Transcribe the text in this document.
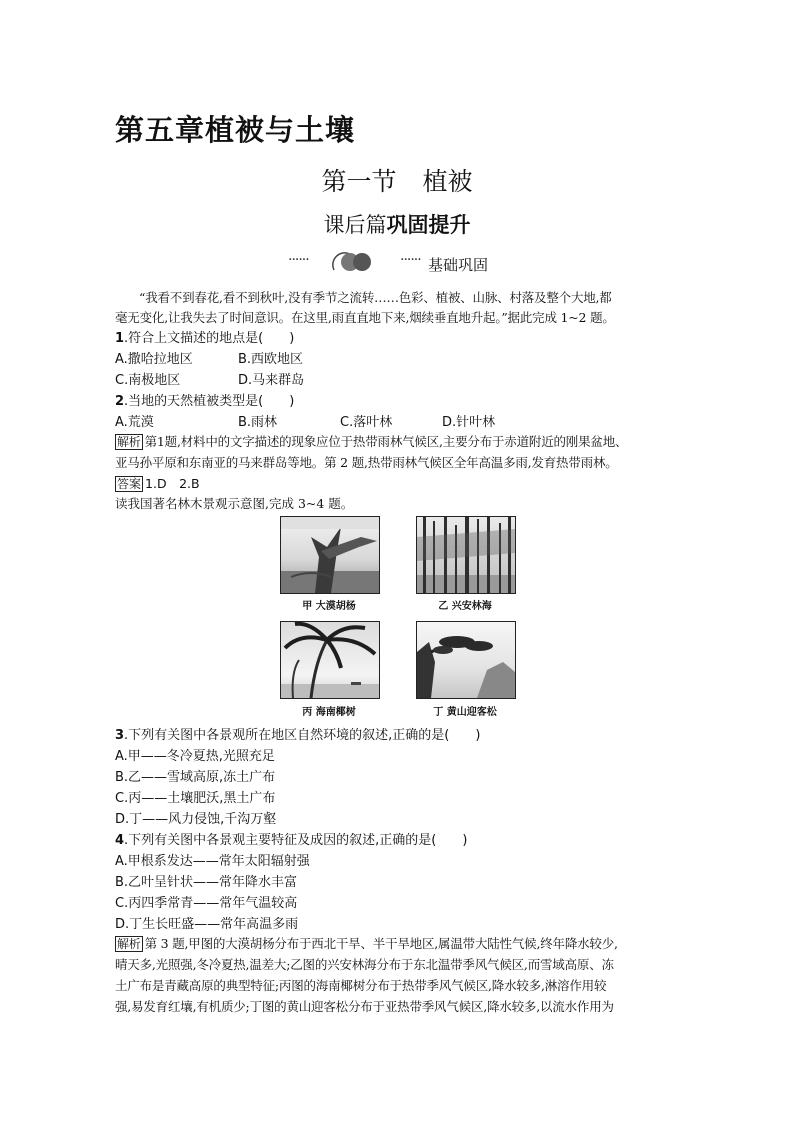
第五章植被与土壤
第一节 植被
课后篇巩固提升
······	······ 基础巩固
“我看不到春花,看不到秋叶,没有季节之流转……色彩、植被、山脉、村落及整个大地,都
毫无变化,让我失去了时间意识。在这里,雨直直地下来,烟续垂直地升起。”据此完成 1~2 题。
1.符合上文描述的地点是(　　)
A.撒哈拉地区	B.西欧地区
C.南极地区	D.马来群岛
2.当地的天然植被类型是(　　)
A.荒漠	B.雨林	C.落叶林	D.针叶林
解析 第1题,材料中的文字描述的现象应位于热带雨林气候区,主要分布于赤道附近的刚果盆地、
亚马孙平原和东南亚的马来群岛等地。第 2 题,热带雨林气候区全年高温多雨,发育热带雨林。
答案 1.D　2.B
读我国著名林木景观示意图,完成 3~4 题。
甲 大漠胡杨	乙 兴安林海
丙 海南椰树	丁 黄山迎客松
3.下列有关图中各景观所在地区自然环境的叙述,正确的是(　　)
A.甲——冬冷夏热,光照充足
B.乙——雪域高原,冻土广布
C.丙——土壤肥沃,黑土广布
D.丁——风力侵蚀,千沟万壑
4.下列有关图中各景观主要特征及成因的叙述,正确的是(　　)
A.甲根系发达——常年太阳辐射强
B.乙叶呈针状——常年降水丰富
C.丙四季常青——常年气温较高
D.丁生长旺盛——常年高温多雨
解析 第 3 题,甲图的大漠胡杨分布于西北干旱、半干旱地区,属温带大陆性气候,终年降水较少,
晴天多,光照强,冬冷夏热,温差大;乙图的兴安林海分布于东北温带季风气候区,而雪域高原、冻
土广布是青藏高原的典型特征;丙图的海南椰树分布于热带季风气候区,降水较多,淋溶作用较
强,易发育红壤,有机质少;丁图的黄山迎客松分布于亚热带季风气候区,降水较多,以流水作用为
